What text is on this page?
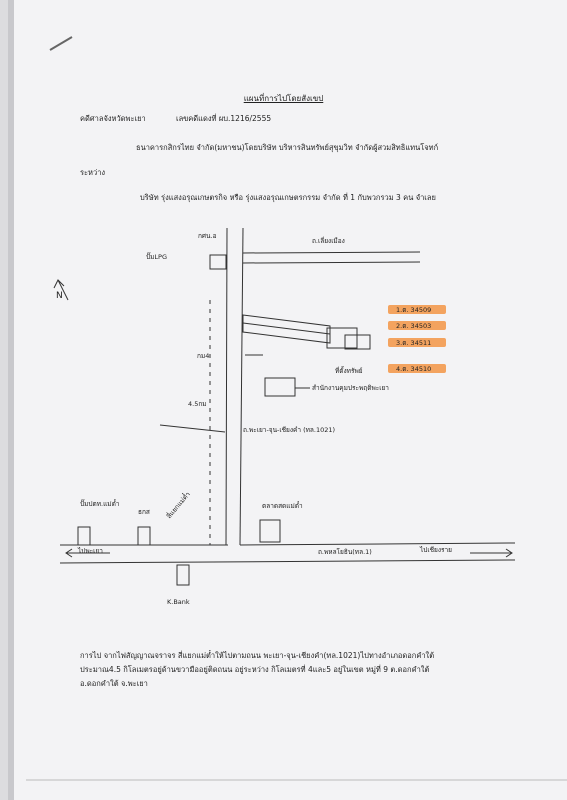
แผนที่การไปโดยสังเขป
คดีศาลจังหวัดพะเยา	เลขคดีแดงที่ ผบ.1216/2555
ธนาคารกสิกรไทย จำกัด(มหาชน)โดยบริษัท บริหารสินทรัพย์สุขุมวิท จำกัดผู้สวมสิทธิแทนโจทก์
ระหว่าง
บริษัท รุ่งแสงอรุณเกษตรกิจ หรือ รุ่งแสงอรุณเกษตรกรรม จำกัด ที่ 1 กับพวกรวม 3 คน จำเลย
N
ปั๊มLPG
กศน.อ
ถ.เลี่ยงเมือง
1.ต. 34509
2.ต. 34503
3.ต. 34511
4.ต. 34510
ที่ตั้งทรัพย์
กม4
สำนักงานคุมประพฤติพะเยา
4.5กม
ถ.พะเยา-จุน-เชียงคำ (ทล.1021)
ปั๊มปตท.แม่ต๋ำ
ธกส สี่แยกแม่ต๋ำ	ตลาดสดแม่ต๋ำ
ไปพะเยา	ถ.พหลโยธิน(ทล.1)	ไปเชียงราย
K.Bank
การไป จากไฟสัญญาณจราจร สี่แยกแม่ต๋ำให้ไปตามถนน พะเยา-จุน-เชียงคำ(ทล.1021)ไปทางอำเภอดอกคำใต้
ประมาณ4.5 กิโลเมตรอยู่ด้านขวามืออยู่ติดถนน อยู่ระหว่าง กิโลเมตรที่ 4และ5 อยู่ในเขต หมู่ที่ 9 ต.ดอกคำใต้
อ.ดอกคำใต้ จ.พะเยา
